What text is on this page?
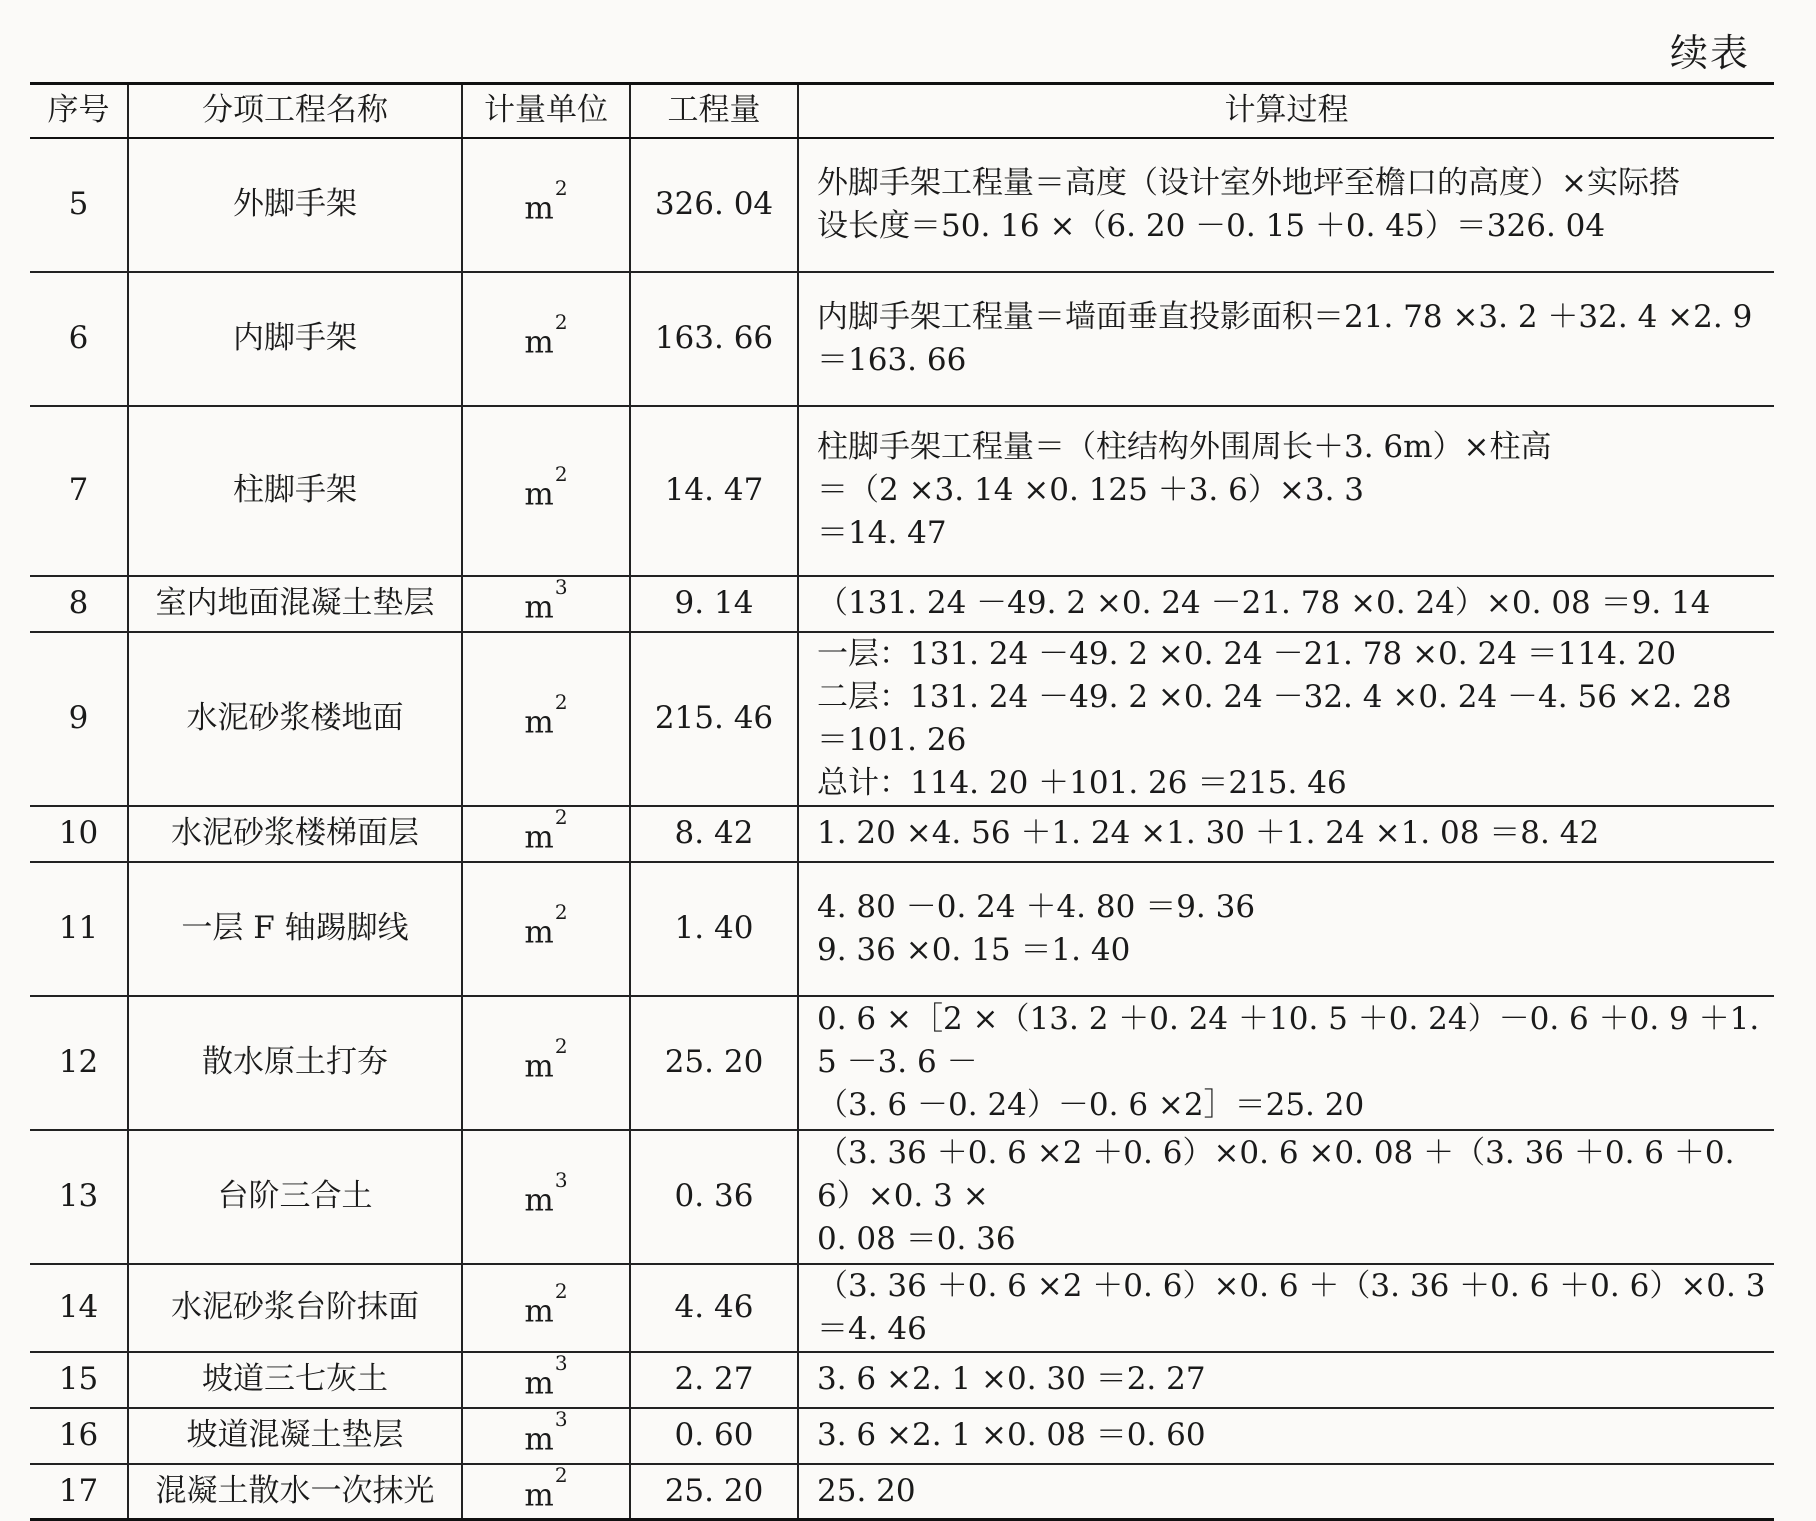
续表
序号	分项工程名称	计量单位	工程量	计算过程
5	外脚手架	$m^2$	326. 04	外脚手架工程量＝高度（设计室外地坪至檐口的高度）×实际搭
设长度＝50. 16 ×（6. 20 －0. 15 ＋0. 45）＝326. 04
6	内脚手架	$m^2$	163. 66	内脚手架工程量＝墙面垂直投影面积＝21. 78 ×3. 2 ＋32. 4 ×2. 9
＝163. 66
7	柱脚手架	$m^2$	14. 47	柱脚手架工程量＝（柱结构外围周长＋3. 6m）×柱高
＝（2 ×3. 14 ×0. 125 ＋3. 6）×3. 3
＝14. 47
8	室内地面混凝土垫层	$m^3$	9. 14	（131. 24 －49. 2 ×0. 24 －21. 78 ×0. 24）×0. 08 ＝9. 14
9	水泥砂浆楼地面	$m^2$	215. 46	一层：131. 24 －49. 2 ×0. 24 －21. 78 ×0. 24 ＝114. 20
二层：131. 24 －49. 2 ×0. 24 －32. 4 ×0. 24 －4. 56 ×2. 28 ＝101. 26
总计：114. 20 ＋101. 26 ＝215. 46
10	水泥砂浆楼梯面层	$m^2$	8. 42	1. 20 ×4. 56 ＋1. 24 ×1. 30 ＋1. 24 ×1. 08 ＝8. 42
11	一层 F 轴踢脚线	$m^2$	1. 40	4. 80 －0. 24 ＋4. 80 ＝9. 36
9. 36 ×0. 15 ＝1. 40
12	散水原土打夯	$m^2$	25. 20	0. 6 ×［2 ×（13. 2 ＋0. 24 ＋10. 5 ＋0. 24）－0. 6 ＋0. 9 ＋1. 5 －3. 6 －
（3. 6 －0. 24）－0. 6 ×2］＝25. 20
13	台阶三合土	$m^3$	0. 36	（3. 36 ＋0. 6 ×2 ＋0. 6）×0. 6 ×0. 08 ＋（3. 36 ＋0. 6 ＋0. 6）×0. 3 ×
0. 08 ＝0. 36
14	水泥砂浆台阶抹面	$m^2$	4. 46	（3. 36 ＋0. 6 ×2 ＋0. 6）×0. 6 ＋（3. 36 ＋0. 6 ＋0. 6）×0. 3 ＝4. 46
15	坡道三七灰土	$m^3$	2. 27	3. 6 ×2. 1 ×0. 30 ＝2. 27
16	坡道混凝土垫层	$m^3$	0. 60	3. 6 ×2. 1 ×0. 08 ＝0. 60
17	混凝土散水一次抹光	$m^2$	25. 20	25. 20
